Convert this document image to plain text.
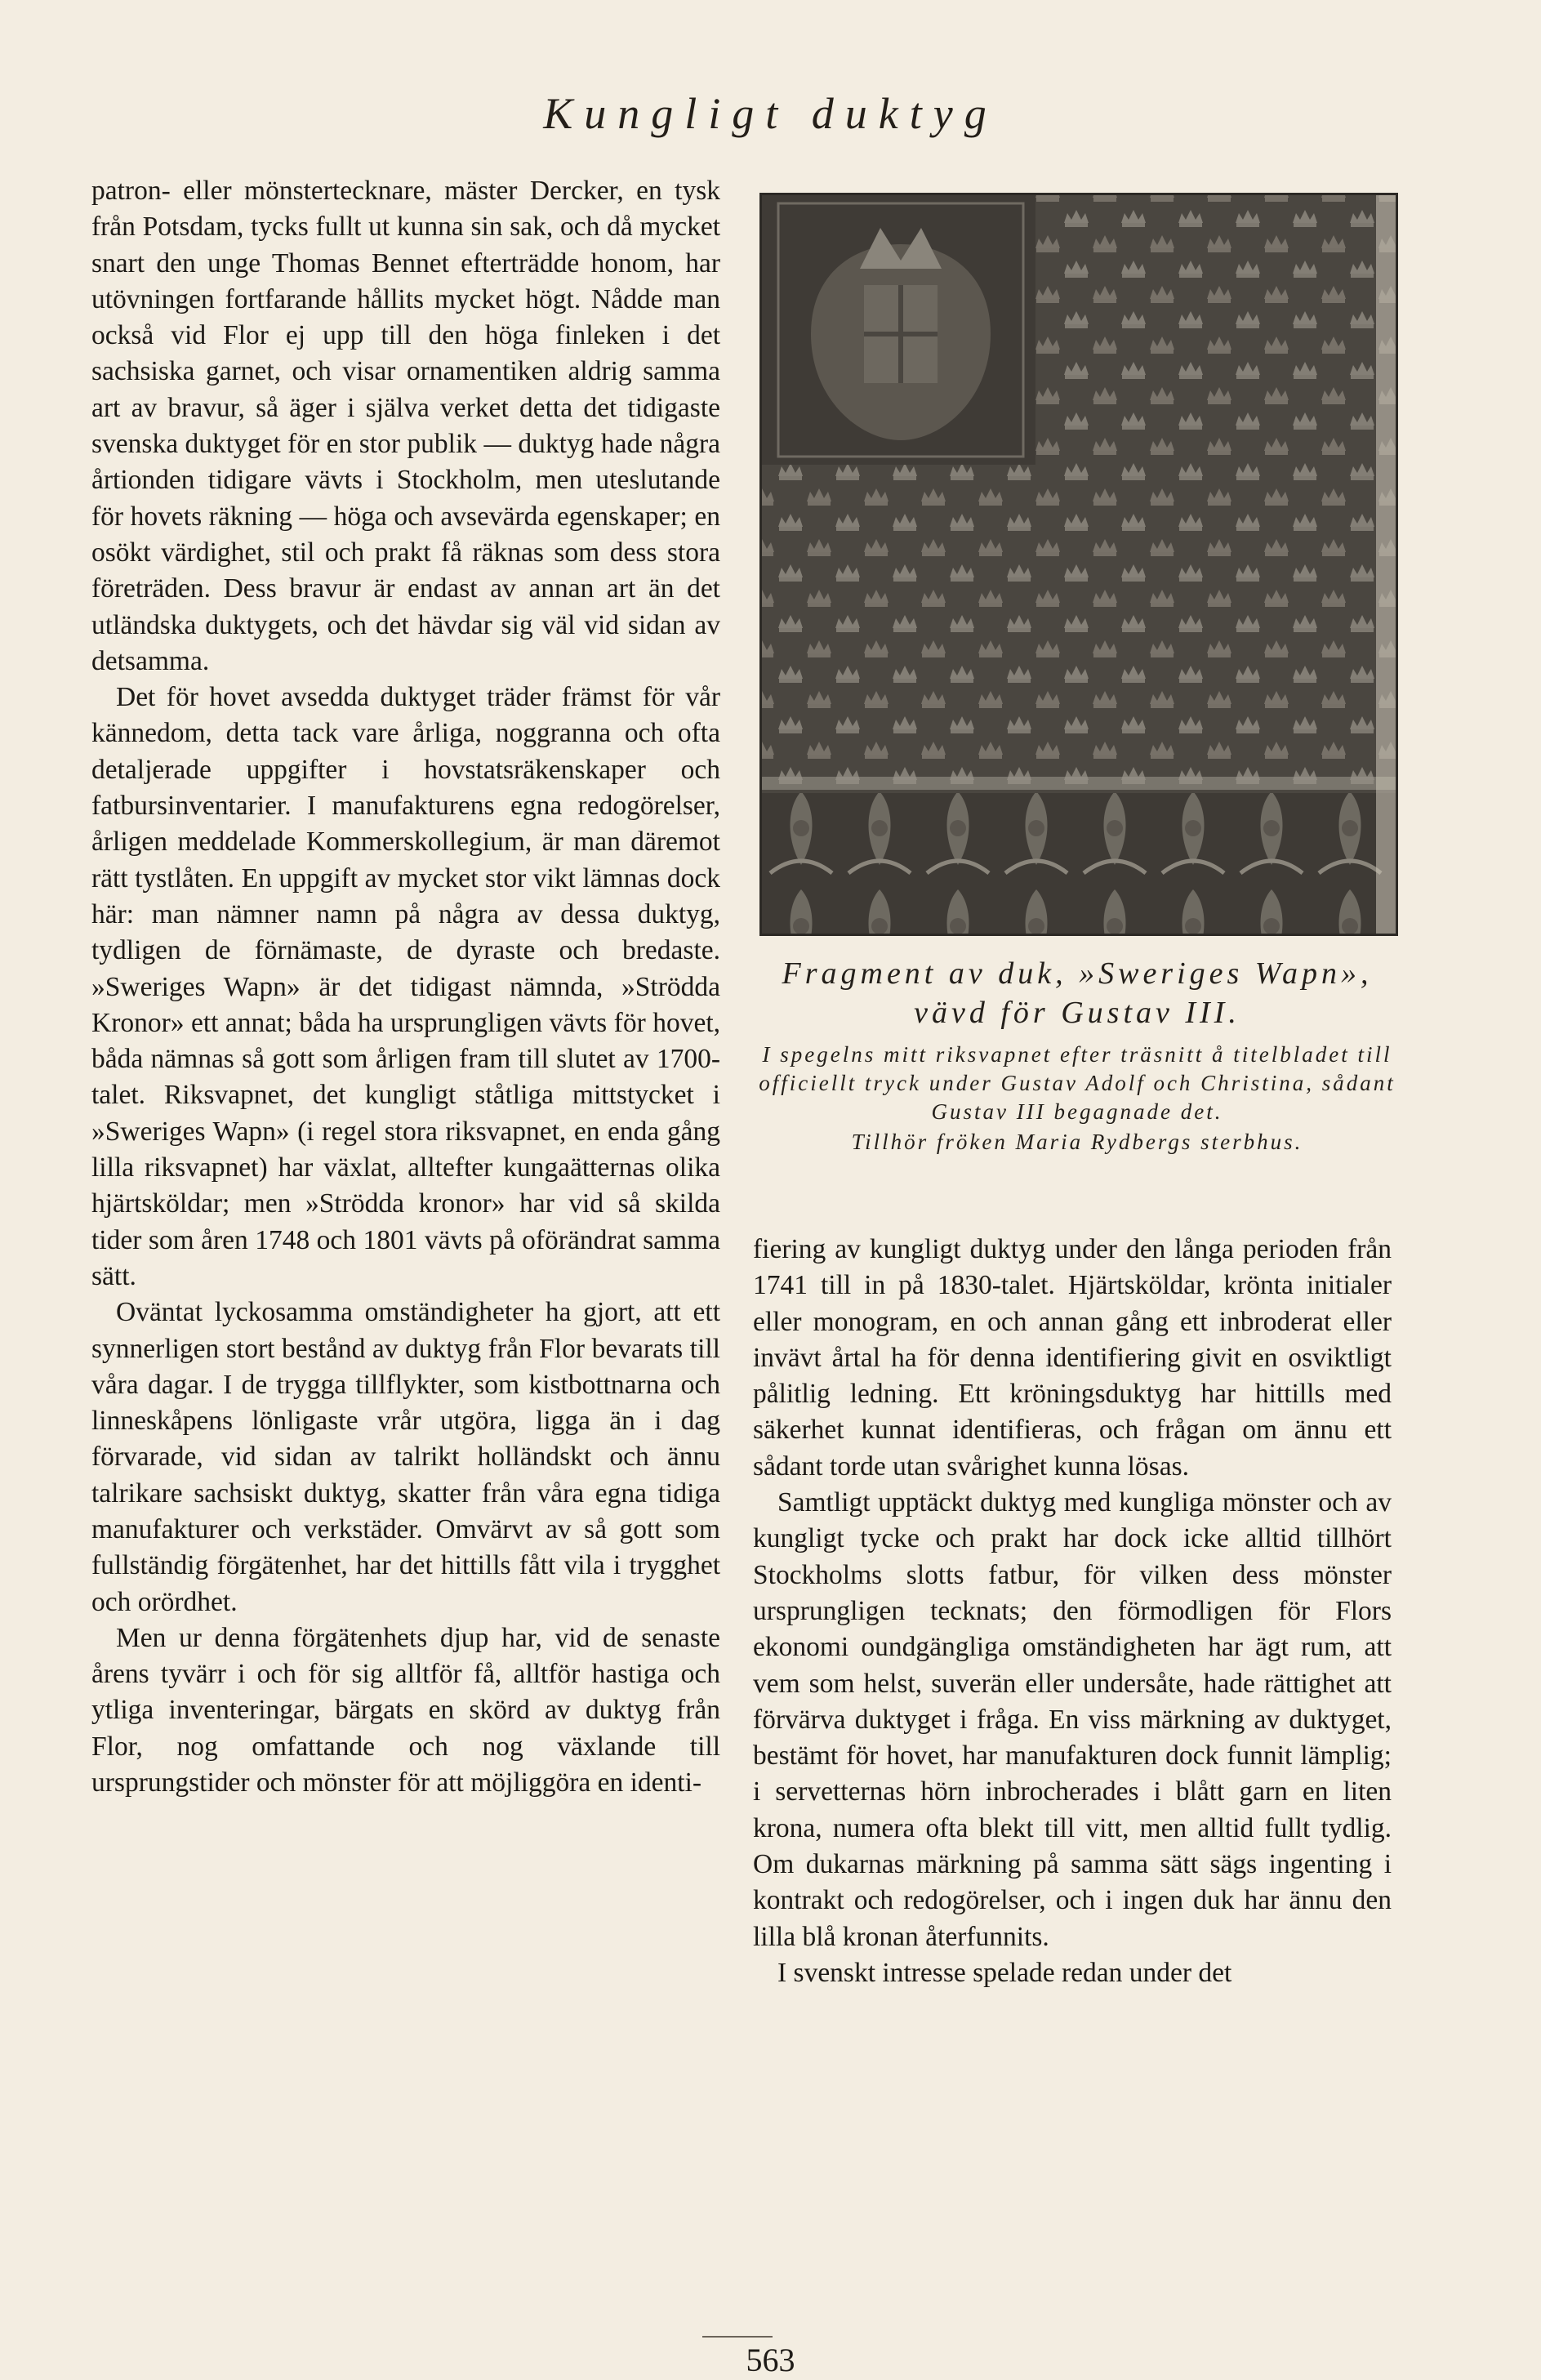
Kungligt duktyg

patron- eller mönstertecknare, mäster Dercker, en tysk från Potsdam, tycks fullt ut kunna sin sak, och då mycket snart den unge Thomas Bennet efterträdde honom, har utövningen fortfarande hållits mycket högt. Nådde man också vid Flor ej upp till den höga finleken i det sachsiska garnet, och visar ornamentiken aldrig samma art av bravur, så äger i själva verket detta det tidigaste svenska duktyget för en stor publik — duktyg hade några årtionden tidigare vävts i Stockholm, men uteslutande för hovets räkning — höga och avsevärda egenskaper; en osökt värdighet, stil och prakt få räknas som dess stora företräden. Dess bravur är endast av annan art än det utländska duktygets, och det hävdar sig väl vid sidan av detsamma.

Det för hovet avsedda duktyget träder främst för vår kännedom, detta tack vare årliga, noggranna och ofta detaljerade uppgifter i hovstatsräkenskaper och fatbursinventarier. I manufakturens egna redogörelser, årligen meddelade Kommerskollegium, är man däremot rätt tystlåten. En uppgift av mycket stor vikt lämnas dock här: man nämner namn på några av dessa duktyg, tydligen de förnämaste, de dyraste och bredaste. »Sweriges Wapn» är det tidigast nämnda, »Strödda Kronor» ett annat; båda ha ursprungligen vävts för hovet, båda nämnas så gott som årligen fram till slutet av 1700-talet. Riksvapnet, det kungligt ståtliga mittstycket i »Sweriges Wapn» (i regel stora riksvapnet, en enda gång lilla riksvapnet) har växlat, alltefter kungaätternas olika hjärtsköldar; men »Strödda kronor» har vid så skilda tider som åren 1748 och 1801 vävts på oförändrat samma sätt.

Oväntat lyckosamma omständigheter ha gjort, att ett synnerligen stort bestånd av duktyg från Flor bevarats till våra dagar. I de trygga tillflykter, som kistbottnarna och linneskåpens lönligaste vrår utgöra, ligga än i dag förvarade, vid sidan av talrikt holländskt och ännu talrikare sachsiskt duktyg, skatter från våra egna tidiga manufakturer och verkstäder. Omvärvt av så gott som fullständig förgätenhet, har det hittills fått vila i trygghet och orördhet.

Men ur denna förgätenhets djup har, vid de senaste årens tyvärr i och för sig alltför få, alltför hastiga och ytliga inventeringar, bärgats en skörd av duktyg från Flor, nog omfattande och nog växlande till ursprungstider och mönster för att möjliggöra en identi-

Fragment av duk, »Sweriges Wapn», vävd för Gustav III.
I spegelns mitt riksvapnet efter träsnitt å titelbladet till officiellt tryck under Gustav Adolf och Christina, sådant Gustav III begagnade det.
Tillhör fröken Maria Rydbergs sterbhus.

fiering av kungligt duktyg under den långa perioden från 1741 till in på 1830-talet. Hjärtsköldar, krönta initialer eller monogram, en och annan gång ett inbroderat eller invävt årtal ha för denna identifiering givit en osviktligt pålitlig ledning. Ett kröningsduktyg har hittills med säkerhet kunnat identifieras, och frågan om ännu ett sådant torde utan svårighet kunna lösas.

Samtligt upptäckt duktyg med kungliga mönster och av kungligt tycke och prakt har dock icke alltid tillhört Stockholms slotts fatbur, för vilken dess mönster ursprungligen tecknats; den förmodligen för Flors ekonomi oundgängliga omständigheten har ägt rum, att vem som helst, suverän eller undersåte, hade rättighet att förvärva duktyget i fråga. En viss märkning av duktyget, bestämt för hovet, har manufakturen dock funnit lämplig; i servetternas hörn inbrocherades i blått garn en liten krona, numera ofta blekt till vitt, men alltid fullt tydlig. Om dukarnas märkning på samma sätt sägs ingenting i kontrakt och redogörelser, och i ingen duk har ännu den lilla blå kronan återfunnits.

I svenskt intresse spelade redan under det

563
